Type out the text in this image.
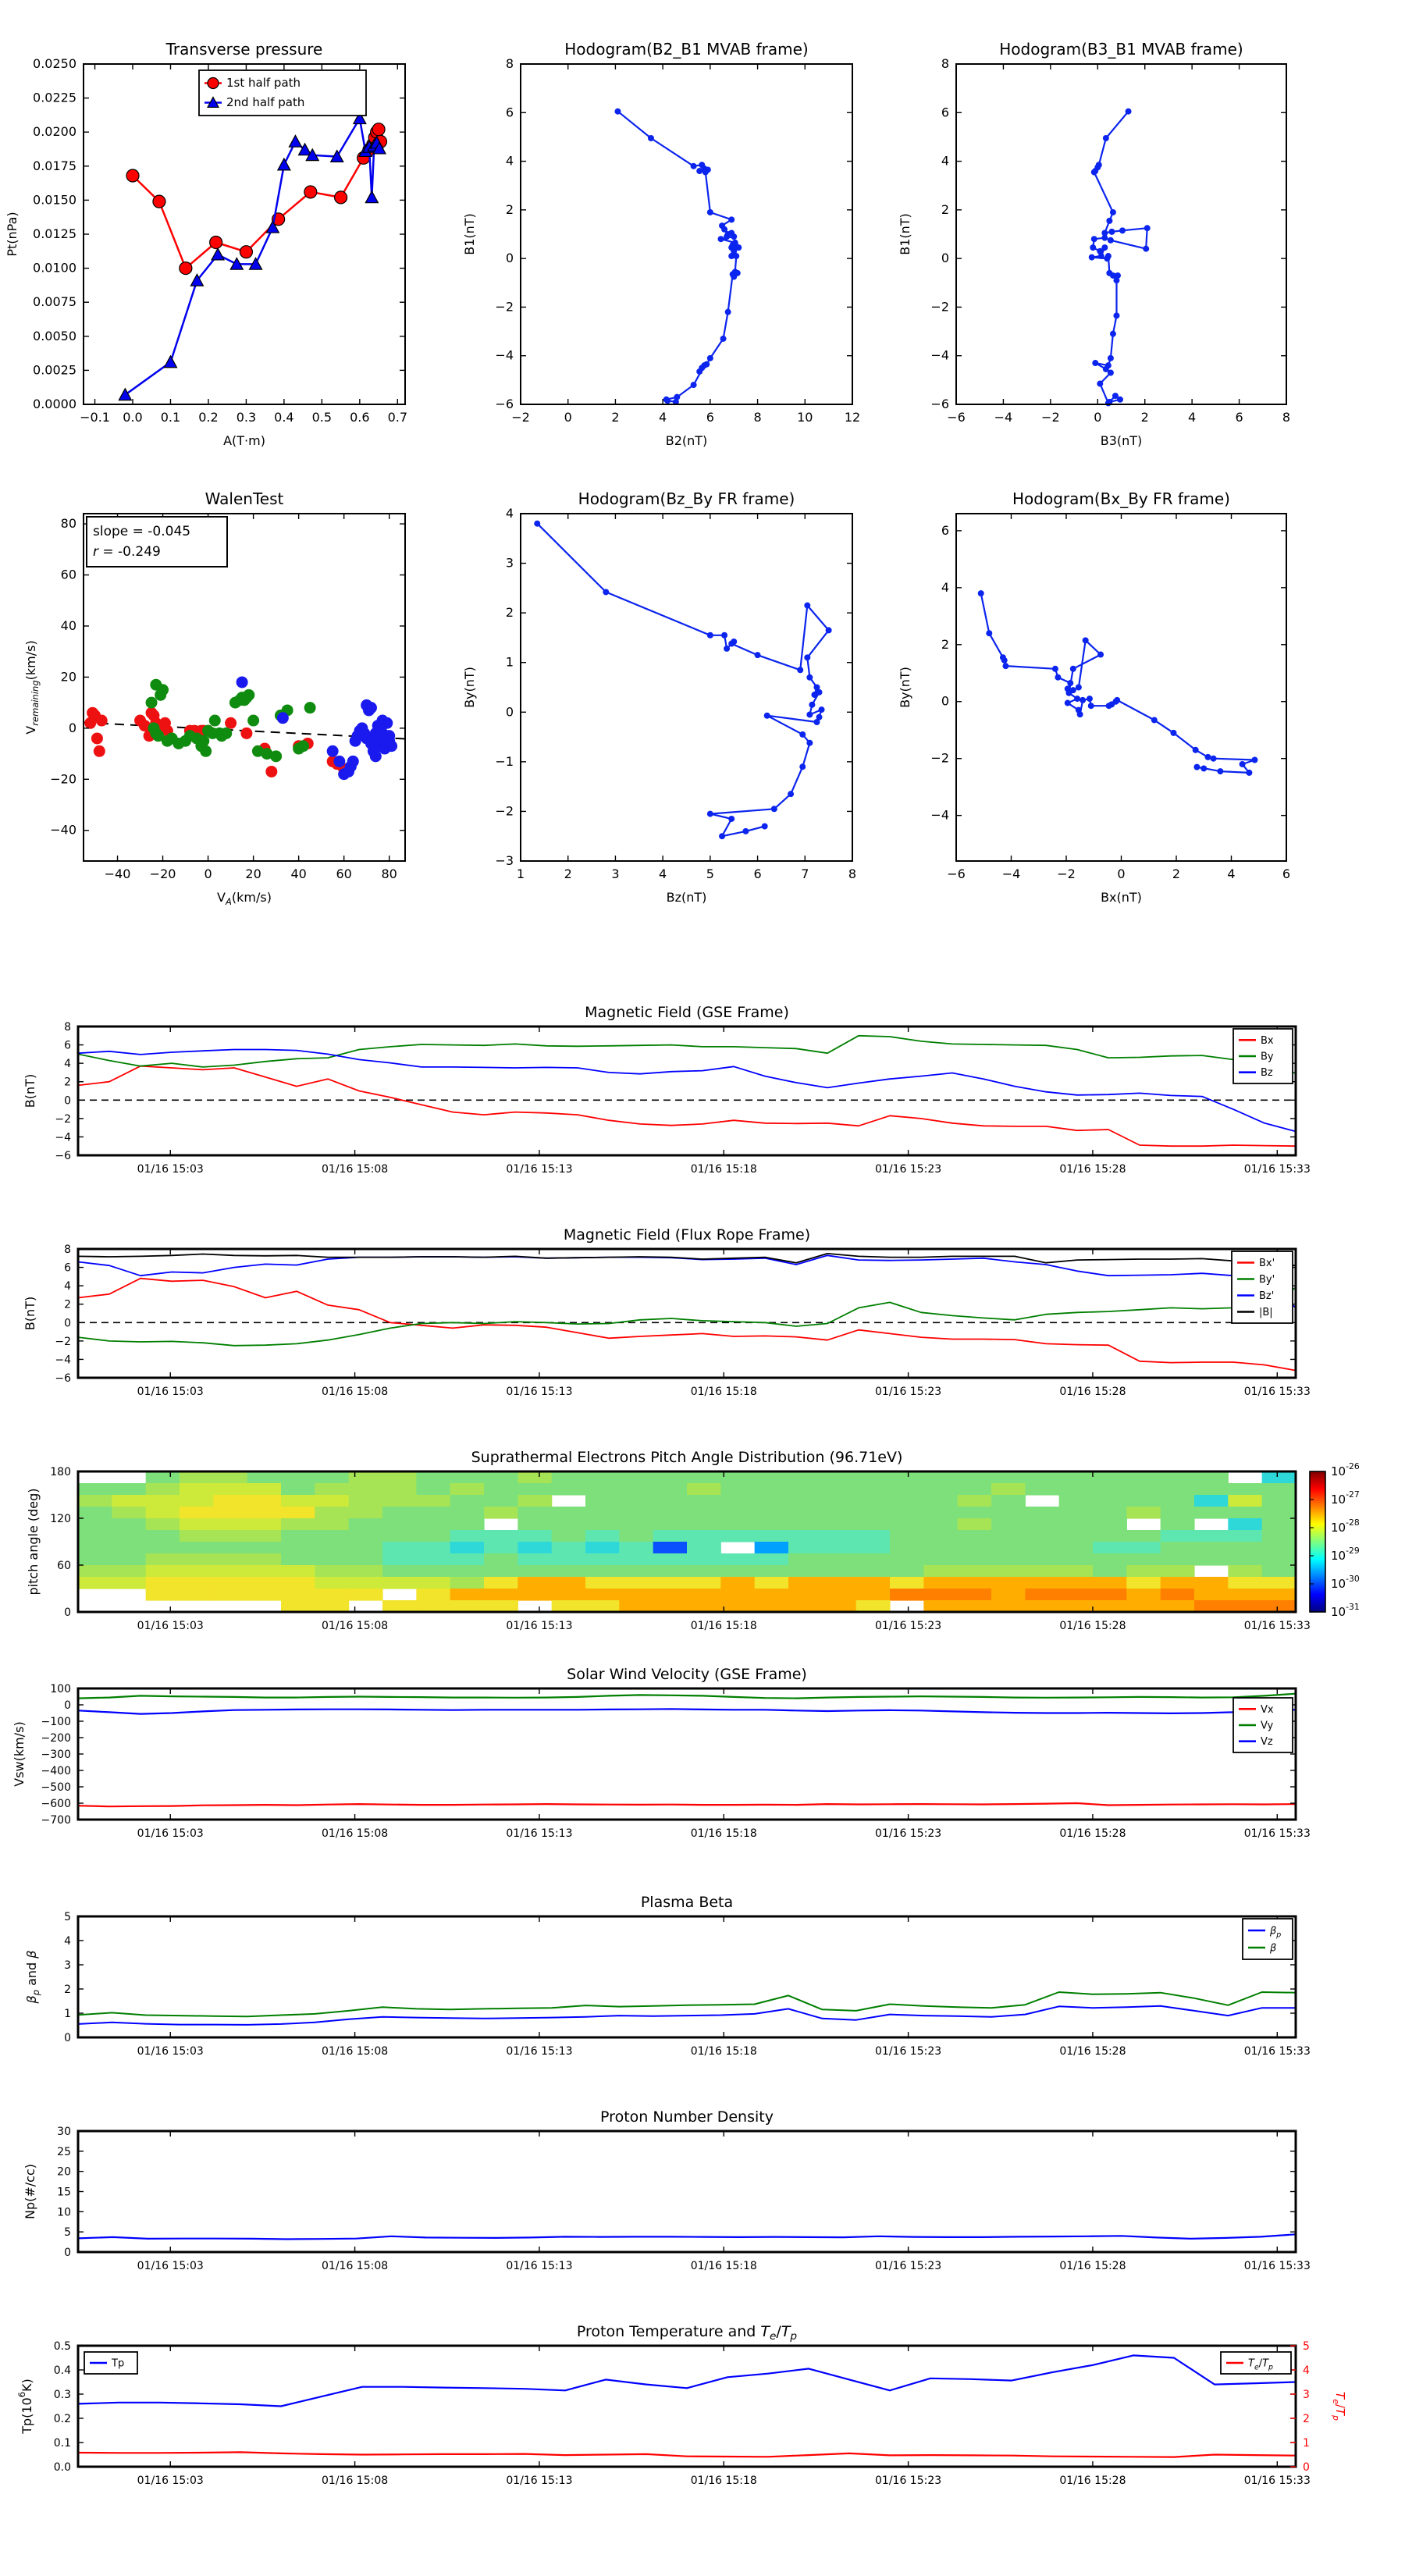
Transverse pressure
−0.1 0.0 0.1 0.2 0.3 0.4 0.5 0.6 0.7
0.0000
0.0025
0.0050
0.0075
0.0100
0.0125
0.0150
0.0175
0.0200
0.0225
0.0250
Pt(nPa)
A(T·m)
1st half path
2nd half path
Hodogram(B2_B1 MVAB frame)
−2	0	2	4	6	8	10	12
−6
−4
−2
0
2
4
6
8
B1(nT)
B2(nT)
Hodogram(B3_B1 MVAB frame)
−6 −4 −2	0	2	4	6	8
−6
−4
−2
0
2
4
6
8
B1(nT)
B3(nT)
WalenTest
−40 −20 0	20 40 60 80
−40
−20
0
20
40
60
80
$V_{remaining}(km/s)$
$V_A(km/s)$
slope = -0.045
r = -0.249
Hodogram(Bz_By FR frame)
1	2	3	4	5	6	7	8
−3
−2
−1
0
1
2
3
4
By(nT)
Bz(nT)
Hodogram(Bx_By FR frame)
−6	−4	−2	0	2	4	6
−4
−2
0
2
4
6
By(nT)
Bx(nT)
Magnetic Field (GSE Frame)
01/16 15:03	01/16 15:08	01/16 15:13	01/16 15:18	01/16 15:23	01/16 15:28	01/16 15:33
−6
−4
−2
0
2
4
6
8
B(nT)
Bx
By
Bz
Magnetic Field (Flux Rope Frame)
01/16 15:03	01/16 15:08	01/16 15:13	01/16 15:18	01/16 15:23	01/16 15:28	01/16 15:33
−6
−4
−2
0
2
4
6
8
B(nT)
Bx'
By'
Bz'
|B|
Suprathermal Electrons Pitch Angle Distribution (96.71eV)
01/16 15:03	01/16 15:08	01/16 15:13	01/16 15:18	01/16 15:23	01/16 15:28	01/16 15:33
0
60
120
180
pitch angle (deg)
$10^{-26}$
$10^{-27}$
$10^{-28}$
$10^{-29}$
$10^{-30}$
$10^{-31}$
Solar Wind Velocity (GSE Frame)
01/16 15:03	01/16 15:08	01/16 15:13	01/16 15:18	01/16 15:23	01/16 15:28	01/16 15:33
−700
−600
−500
−400
−300
−200
−100
0
100
Vsw(km/s)
Vx
Vy
Vz
Plasma Beta
01/16 15:03	01/16 15:08	01/16 15:13	01/16 15:18	01/16 15:23	01/16 15:28	01/16 15:33
0
1
2
3
4
5
$\beta_p$ and β
$\beta_p$
β
Proton Number Density
01/16 15:03	01/16 15:08	01/16 15:13	01/16 15:18	01/16 15:23	01/16 15:28	01/16 15:33
0
5
10
15
20
25
30
Np(#/cc)
Proton Temperature and $T_e/T_p$
01/16 15:03	01/16 15:08	01/16 15:13	01/16 15:18	01/16 15:23	01/16 15:28	01/16 15:33
0.0
0.1
0.2
0.3
0.4
0.5
0
1
2
3
4
5
$T_e/T_p$
$Tp(10^6K)$
Tp	$T_e/T_p$
